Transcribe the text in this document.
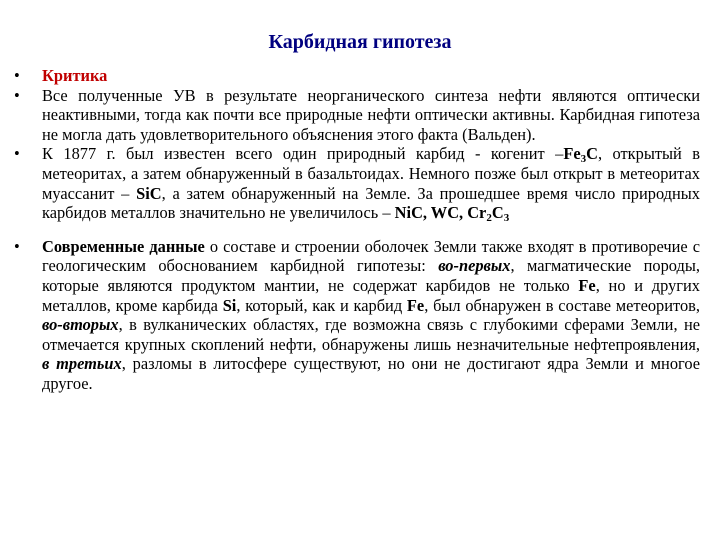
Карбидная гипотеза
•	Критика
•	Все полученные УВ в результате неорганического синтеза нефти являются оптически неактивными, тогда как почти все природные нефти оптически активны. Карбидная гипотеза не могла дать удовлетворительного объяснения этого факта (Вальден).
•	К 1877 г. был известен всего один природный карбид - когенит $-Fe_3C$, открытый в метеоритах, а затем обнаруженный в базальтоидах. Немного позже был открыт в метеоритах муассанит – SiC, а затем обнаруженный на Земле. За прошедшее время число природных карбидов металлов значительно не увеличилось – NiC, WC, $Cr_2C_3$
•	Современные данные о составе и строении оболочек Земли также входят в противоречие с геологическим обоснованием карбидной гипотезы: во-первых, магматические породы, которые являются продуктом мантии, не содержат карбидов не только Fe, но и других металлов, кроме карбида Si, который, как и карбид Fe, был обнаружен в составе метеоритов, во-вторых, в вулканических областях, где возможна связь с глубокими сферами Земли, не отмечается крупных скоплений нефти, обнаружены лишь незначительные нефтепроявления, в третьих, разломы в литосфере существуют, но они не достигают ядра Земли и многое другое.
